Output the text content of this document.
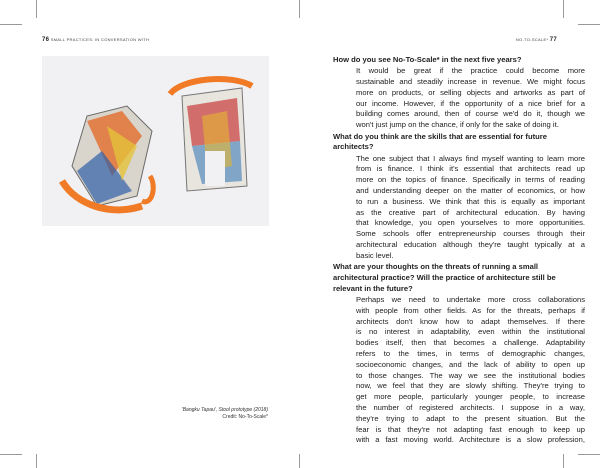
76 SMALL PRACTICES: IN CONVERSATION WITH	NO-TO-SCALE* 77
'Bangku Tapau', Stool prototype (2018)
Credit: No-To-Scale*
How do you see No-To-Scale* in the next five years?
It would be great if the practice could become more
sustainable and steadily increase in revenue. We might focus
more on products, or selling objects and artworks as part of
our income. However, if the opportunity of a nice brief for a
building comes around, then of course we'd do it, though we
won't just jump on the chance, if only for the sake of doing it.
What do you think are the skills that are essential for future
architects?
The one subject that I always find myself wanting to learn more
from is finance. I think it's essential that architects read up
more on the topics of finance. Specifically in terms of reading
and understanding deeper on the matter of economics, or how
to run a business. We think that this is equally as important
as the creative part of architectural education. By having
that knowledge, you open yourselves to more opportunities.
Some schools offer entrepreneurship courses through their
architectural education although they're taught typically at a
basic level.
What are your thoughts on the threats of running a small
architectural practice? Will the practice of architecture still be
relevant in the future?
Perhaps we need to undertake more cross collaborations
with people from other fields. As for the threats, perhaps if
architects don't know how to adapt themselves. If there
is no interest in adaptability, even within the institutional
bodies itself, then that becomes a challenge. Adaptability
refers to the times, in terms of demographic changes,
socioeconomic changes, and the lack of ability to open up
to those changes. The way we see the institutional bodies
now, we feel that they are slowly shifting. They're trying to
get more people, particularly younger people, to increase
the number of registered architects. I suppose in a way,
they're trying to adapt to the present situation. But the
fear is that they're not adapting fast enough to keep up
with a fast moving world. Architecture is a slow profession,
